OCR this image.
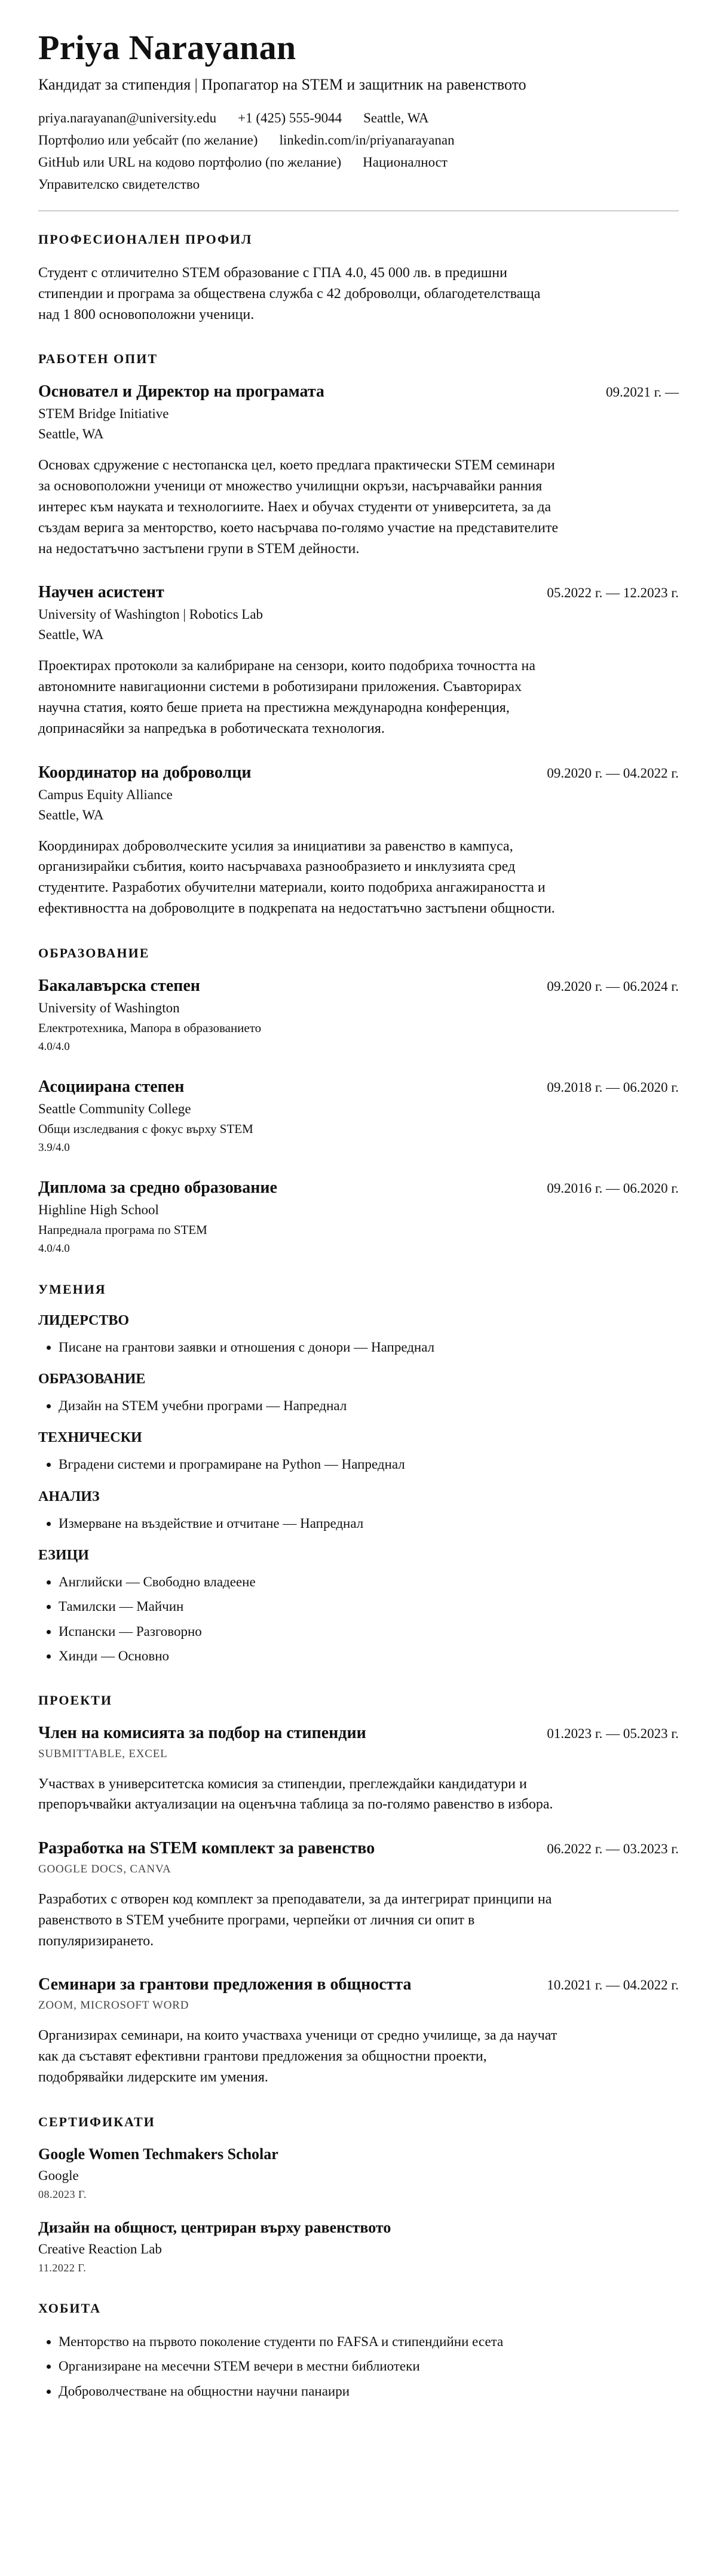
Priya Narayanan

Кандидат за стипендия | Пропагатор на STEM и защитник на равенството

priya.narayanan@university.edu +1 (425) 555-9044 Seattle, WA
Портфолио или уебсайт (по желание) linkedin.com/in/priyanarayanan
GitHub или URL на кодово портфолио (по желание) Националност
Управителско свидетелство
ПРОФЕСИОНАЛЕН ПРОФИЛ

Студент с отличително STEM образование с ГПА 4.0, 45 000 лв. в предишни стипендии и програма за обществена служба с 42 доброволци, облагодетелстваща над 1 800 основоположни ученици.

РАБОТЕН ОПИТ
Основател и Директор на програмата	09.2021 г. —
STEM Bridge Initiative
Seattle, WA

Основах сдружение с нестопанска цел, което предлага практически STEM семинари за основоположни ученици от множество училищни окръзи, насърчавайки ранния интерес към науката и технологиите. Наех и обучах студенти от университета, за да създам верига за менторство, което насърчава по-голямо участие на представителите на недостатъчно застъпени групи в STEM дейности.

Научен асистент	05.2022 г. — 12.2023 г.
University of Washington | Robotics Lab
Seattle, WA

Проектирах протоколи за калибриране на сензори, които подобриха точността на автономните навигационни системи в роботизирани приложения. Съавторирах научна статия, която беше приета на престижна международна конференция, допринасяйки за напредъка в роботическата технология.

Координатор на доброволци	09.2020 г. — 04.2022 г.
Campus Equity Alliance
Seattle, WA

Координирах доброволческите усилия за инициативи за равенство в кампуса, организирайки събития, които насърчаваха разнообразието и инклузията сред студентите. Разработих обучителни материали, които подобриха ангажираността и ефективността на доброволците в подкрепата на недостатъчно застъпени общности.

ОБРАЗОВАНИЕ
Бакалавърска степен	09.2020 г. — 06.2024 г.
University of Washington
Електротехника, Мапора в образованието
4.0/4.0
Асоциирана степен	09.2018 г. — 06.2020 г.
Seattle Community College
Общи изследвания с фокус върху STEM
3.9/4.0
Диплома за средно образование	09.2016 г. — 06.2020 г.
Highline High School
Напреднала програма по STEM
4.0/4.0
УМЕНИЯ
ЛИДЕРСТВО
• Писане на грантови заявки и отношения с донори — Напреднал
ОБРАЗОВАНИЕ
• Дизайн на STEM учебни програми — Напреднал
ТЕХНИЧЕСКИ
• Вградени системи и програмиране на Python — Напреднал
АНАЛИЗ
• Измерване на въздействие и отчитане — Напреднал
ЕЗИЦИ
• Английски — Свободно владеене
• Тамилски — Майчин
• Испански — Разговорно
• Хинди — Основно
ПРОЕКТИ
Член на комисията за подбор на стипендии	01.2023 г. — 05.2023 г.
SUBMITTABLE, EXCEL

Участвах в университетска комисия за стипендии, преглеждайки кандидатури и препоръчвайки актуализации на оценъчна таблица за по-голямо равенство в избора.

Разработка на STEM комплект за равенство	06.2022 г. — 03.2023 г.
GOOGLE DOCS, CANVA

Разработих с отворен код комплект за преподаватели, за да интегрират принципи на равенството в STEM учебните програми, черпейки от личния си опит в популяризирането.

Семинари за грантови предложения в общността	10.2021 г. — 04.2022 г.
ZOOM, MICROSOFT WORD

Организирах семинари, на които участваха ученици от средно училище, за да научат как да съставят ефективни грантови предложения за общностни проекти, подобрявайки лидерските им умения.

СЕРТИФИКАТИ
Google Women Techmakers Scholar
Google
08.2023 Г.
Дизайн на общност, центриран върху равенството
Creative Reaction Lab
11.2022 Г.
ХОБИТА
• Менторство на първото поколение студенти по FAFSA и стипендийни есета
• Организиране на месечни STEM вечери в местни библиотеки
• Доброволчестване на общностни научни панаири
